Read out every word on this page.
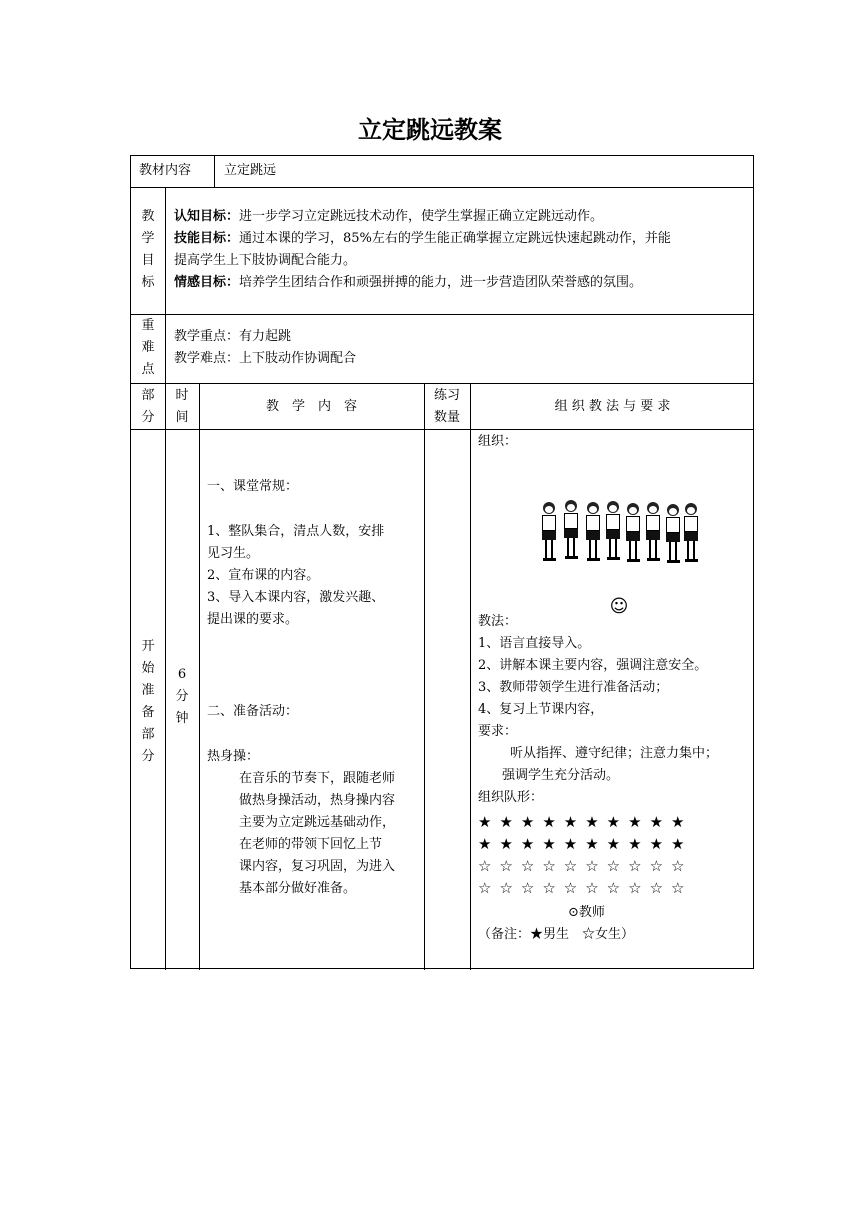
立定跳远教案
教材内容	立定跳远
教
学
目
标
认知目标：进一步学习立定跳远技术动作，使学生掌握正确立定跳远动作。
技能目标：通过本课的学习，85%左右的学生能正确掌握立定跳远快速起跳动作，并能
提高学生上下肢协调配合能力。
情感目标：培养学生团结合作和顽强拼搏的能力，进一步营造团队荣誉感的氛围。
重
难
点
教学重点：有力起跳
教学难点：上下肢动作协调配合
部
分
时
间
教　学　内　容
练习
数量
组 织 教 法 与 要 求
开
始
准
备
部
分
6
分
钟
一、课堂常规：
1、整队集合，清点人数，安排
见习生。
2、宣布课的内容。
3、导入本课内容，激发兴趣、
提出课的要求。
二、准备活动：
热身操：
在音乐的节奏下，跟随老师
做热身操活动，热身操内容
主要为立定跳远基础动作，
在老师的带领下回忆上节
课内容，复习巩固，为进入
基本部分做好准备。
组织：
☺
教法：
1、语言直接导入。
2、讲解本课主要内容，强调注意安全。
3、教师带领学生进行准备活动；
4、复习上节课内容，
要求：
听从指挥、遵守纪律；注意力集中；
强调学生充分活动。
组织队形：
★★★★★★★★★★
★★★★★★★★★★
☆☆☆☆☆☆☆☆☆☆
☆☆☆☆☆☆☆☆☆☆
⊙教师
（备注：★男生　☆女生）
